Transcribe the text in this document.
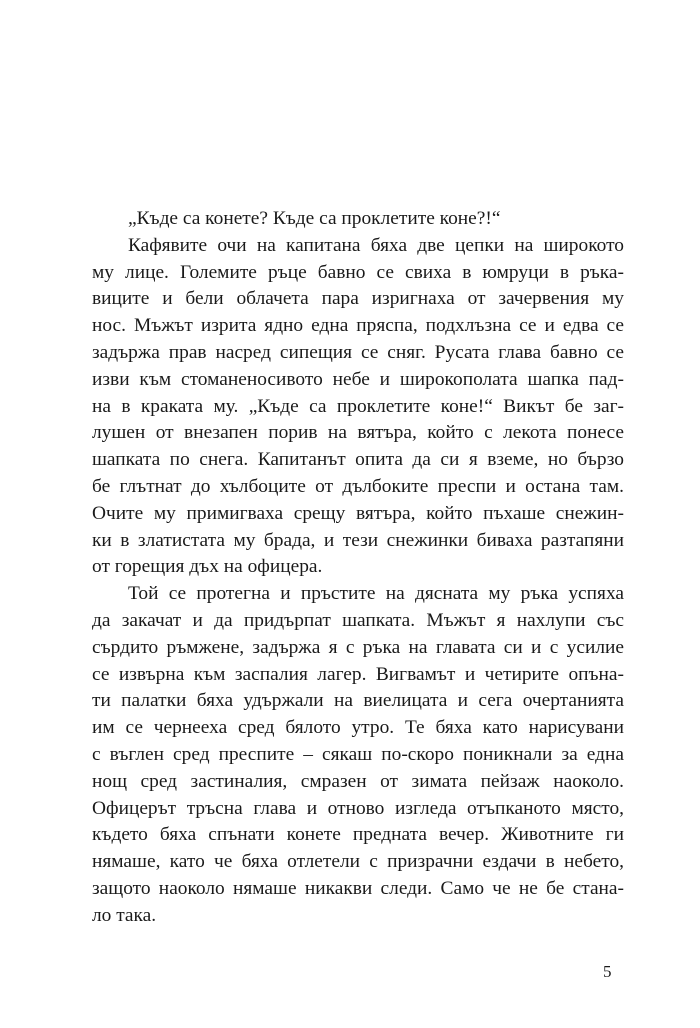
„Къде са конетe? Къде са проклетите коне?!“
Кафявите очи на капитана бяха две цепки на широкото
му лице. Големите ръце бавно се свиха в юмруци в ръка-
виците и бели облачета пара изригнаха от зачервения му
нос. Мъжът изрита ядно една пряспа, подхлъзна се и едва се
задържа прав насред сипещия се сняг. Русата глава бавно се
изви към стоманеносивото небе и широкополата шапка пад-
на в краката му. „Къде са проклетите коне!“ Викът бе заг-
лушен от внезапен порив на вятъра, който с лекота понесе
шапката по снега. Капитанът опита да си я вземе, но бързо
бе глътнат до хълбоците от дълбоките преспи и остана там.
Очите му примигваха срещу вятъра, който пъхаше снежин-
ки в златистата му брада, и тези снежинки биваха разтапяни
от горещия дъх на офицера.
Той се протегна и пръстите на дясната му ръка успяха
да закачат и да придърпат шапката. Мъжът я нахлупи със
сърдито ръмжене, задържа я с ръка на главата си и с усилие
се извърна към заспалия лагер. Вигвамът и четирите опъна-
ти палатки бяха удържали на виелицата и сега очертанията
им се чернееха сред бялото утро. Те бяха като нарисувани
с въглен сред преспите – сякаш по-скоро поникнали за една
нощ сред застиналия, смразен от зимата пейзаж наоколо.
Офицерът тръсна глава и отново изгледа отъпканото място,
където бяха спънати конете предната вечер. Животните ги
нямаше, като че бяха отлетели с призрачни ездачи в небето,
защото наоколо нямаше никакви следи. Само че не бе стана-
ло така.
5
